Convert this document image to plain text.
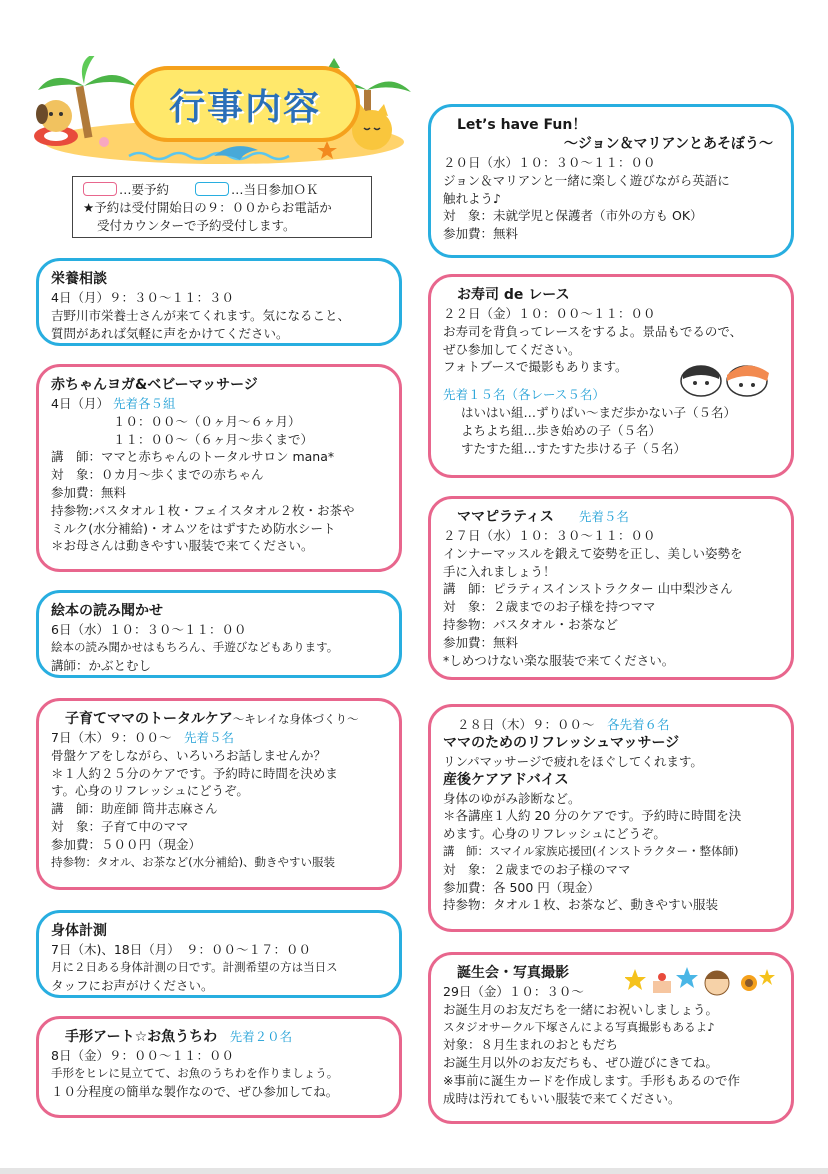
行事内容
…要予約	…当日参加ＯＫ
★予約は受付開始日の９：００からお電話か
受付カウンターで予約受付します。
栄養相談
4日（月）９：３０～１１：３０
吉野川市栄養士さんが来てくれます。気になること、
質問があれば気軽に声をかけてください。
赤ちゃんヨガ&ベビーマッサージ
4日（月） 先着各５組
１０：００～（０ヶ月～６ヶ月）
１１：００～（６ヶ月～歩くまで）
講　師：ママと赤ちゃんのトータルサロン mana*
対　象：０カ月～歩くまでの赤ちゃん
参加費：無料
持参物:バスタオル１枚・フェイスタオル２枚・お茶や
ミルク(水分補給)・オムツをはずすため防水シート
＊お母さんは動きやすい服装で来てください。
絵本の読み聞かせ
6日（水）１０：３０～１１：００
絵本の読み聞かせはもちろん、手遊びなどもあります。
講師：かぶとむし
子育てママのトータルケア～キレイな身体づくり～
7日（木）９：００～　 先着５名
骨盤ケアをしながら、いろいろお話しませんか？
＊１人約２５分のケアです。予約時に時間を決めま
す。心身のリフレッシュにどうぞ。
講　師：助産師 筒井志麻さん
対　象：子育て中のママ
参加費：５００円（現金）
持参物：タオル、お茶など(水分補給)、動きやすい服装
身体計測
7日（木)、18日（月）　９：００～１７：００
月に２日ある身体計測の日です。計測希望の方は当日ス
タッフにお声がけください。
手形アート☆お魚うちわ　 先着２０名
8日（金）９：００～１１：００
手形をヒレに見立てて、お魚のうちわを作りましょう。
１０分程度の簡単な製作なので、ぜひ参加してね。
Let’s have Fun！
～ジョン＆マリアンとあそぼう～
２０日（水）１０：３０～１１：００
ジョン＆マリアンと一緒に楽しく遊びながら英語に
触れよう♪
対　象：未就学児と保護者（市外の方も OK）
参加費：無料
お寿司 de レース
２２日（金）１０：００～１１：００
お寿司を背負ってレースをするよ。景品もでるので、
ぜひ参加してください。
フォトブースで撮影もあります。
先着１５名（各レース５名）
はいはい組…ずりばい～まだ歩かない子（５名）
よちよち組…歩き始めの子（５名）
すたすた組…すたすた歩ける子（５名）
ママピラティス　　 先着５名
２７日（水）１０：３０～１１：００
インナーマッスルを鍛えて姿勢を正し、美しい姿勢を
手に入れましょう！
講　師：ピラティスインストラクター 山中梨沙さん
対　象：２歳までのお子様を持つママ
持参物：バスタオル・お茶など
参加費：無料
*しめつけない楽な服装で来てください。
２８日（木）９：００～　 各先着６名
ママのためのリフレッシュマッサージ
リンパマッサージで疲れをほぐしてくれます。
産後ケアアドバイス
身体のゆがみ診断など。
＊各講座１人約 20 分のケアです。予約時に時間を決
めます。心身のリフレッシュにどうぞ。
講　師：スマイル家族応援団(インストラクター・整体師)
対　象：２歳までのお子様のママ
参加費：各 500 円（現金）
持参物：タオル１枚、お茶など、動きやすい服装
誕生会・写真撮影
29日（金）１０：３０～
お誕生月のお友だちを一緒にお祝いしましょう。
スタジオサークル下塚さんによる写真撮影もあるよ♪
対象：８月生まれのおともだち
お誕生月以外のお友だちも、ぜひ遊びにきてね。
※事前に誕生カードを作成します。手形もあるので作
成時は汚れてもいい服装で来てください。
